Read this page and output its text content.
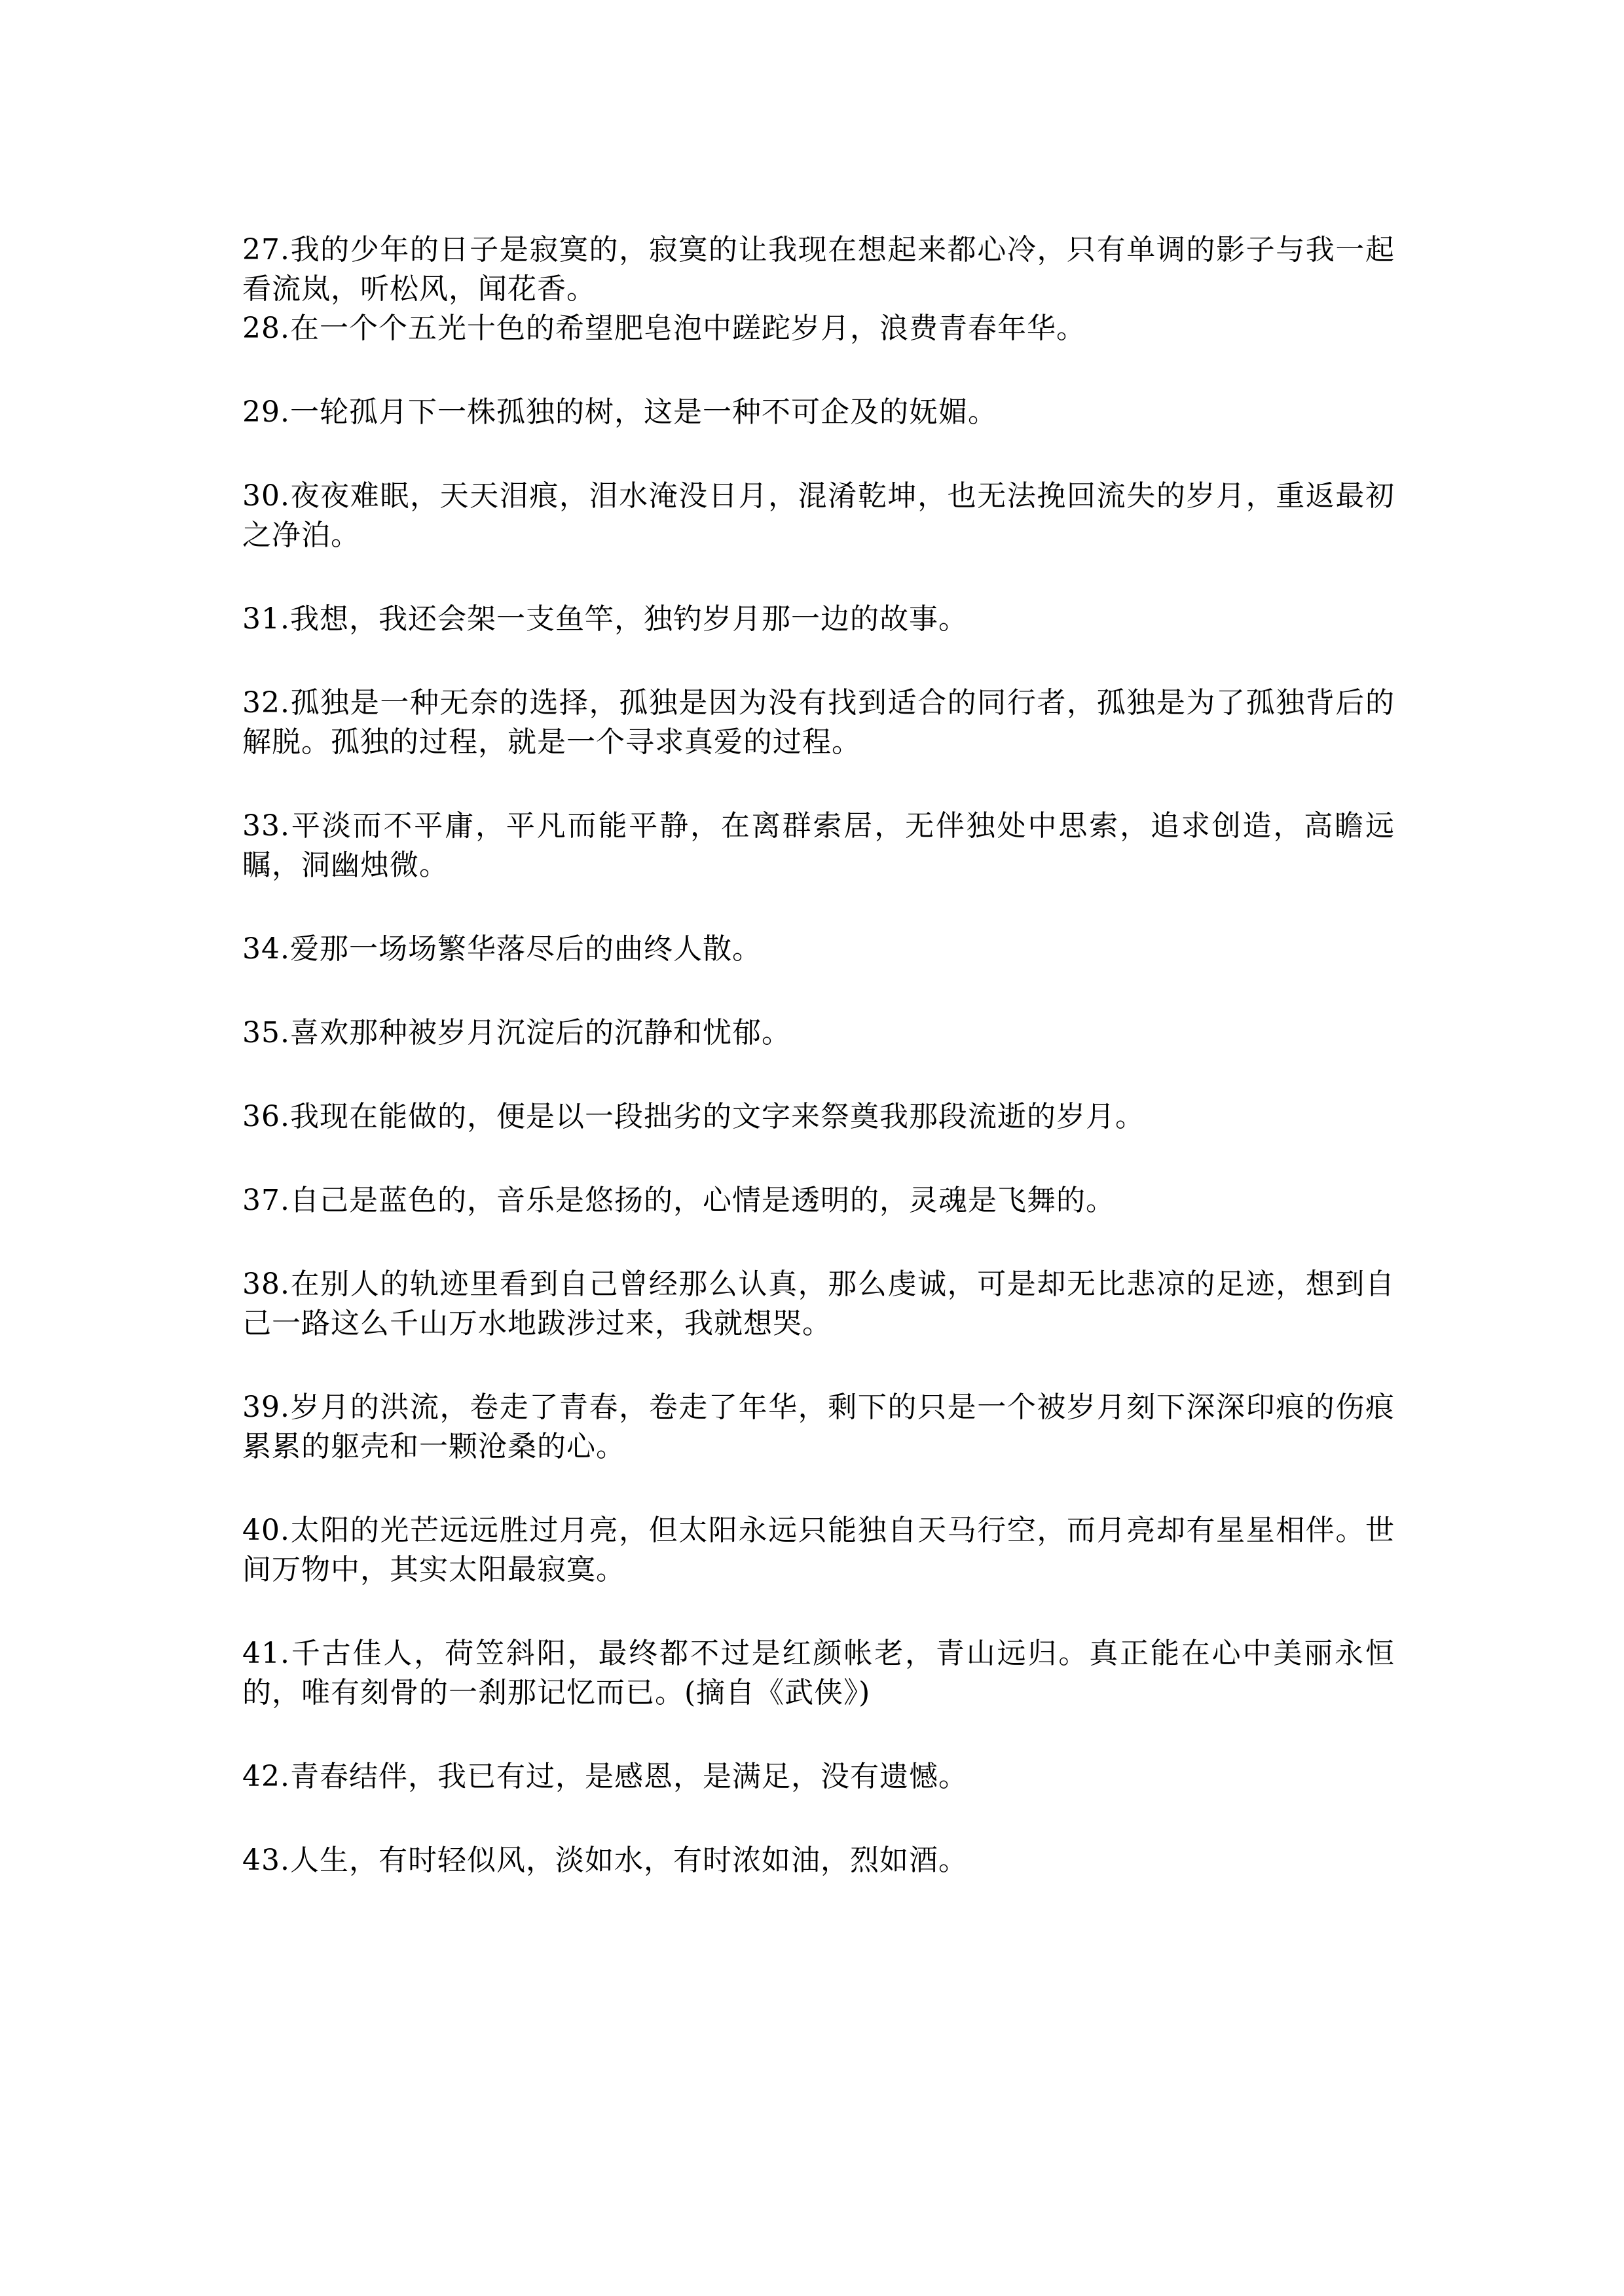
27.我的少年的日子是寂寞的，寂寞的让我现在想起来都心冷，只有单调的影子与我一起看流岚，听松风，闻花香。

28.在一个个五光十色的希望肥皂泡中蹉跎岁月，浪费青春年华。

29.一轮孤月下一株孤独的树，这是一种不可企及的妩媚。

30.夜夜难眠，天天泪痕，泪水淹没日月，混淆乾坤，也无法挽回流失的岁月，重返最初之净泊。

31.我想，我还会架一支鱼竿，独钓岁月那一边的故事。

32.孤独是一种无奈的选择，孤独是因为没有找到适合的同行者，孤独是为了孤独背后的解脱。孤独的过程，就是一个寻求真爱的过程。

33.平淡而不平庸，平凡而能平静，在离群索居，无伴独处中思索，追求创造，高瞻远瞩，洞幽烛微。

34.爱那一场场繁华落尽后的曲终人散。

35.喜欢那种被岁月沉淀后的沉静和忧郁。

36.我现在能做的，便是以一段拙劣的文字来祭奠我那段流逝的岁月。

37.自己是蓝色的，音乐是悠扬的，心情是透明的，灵魂是飞舞的。

38.在别人的轨迹里看到自己曾经那么认真，那么虔诚，可是却无比悲凉的足迹，想到自己一路这么千山万水地跋涉过来，我就想哭。

39.岁月的洪流，卷走了青春，卷走了年华，剩下的只是一个被岁月刻下深深印痕的伤痕累累的躯壳和一颗沧桑的心。

40.太阳的光芒远远胜过月亮，但太阳永远只能独自天马行空，而月亮却有星星相伴。世间万物中，其实太阳最寂寞。

41.千古佳人，荷笠斜阳，最终都不过是红颜帐老，青山远归。真正能在心中美丽永恒的，唯有刻骨的一刹那记忆而已。(摘自《武侠》)

42.青春结伴，我已有过，是感恩，是满足，没有遗憾。

43.人生，有时轻似风，淡如水，有时浓如油，烈如酒。
